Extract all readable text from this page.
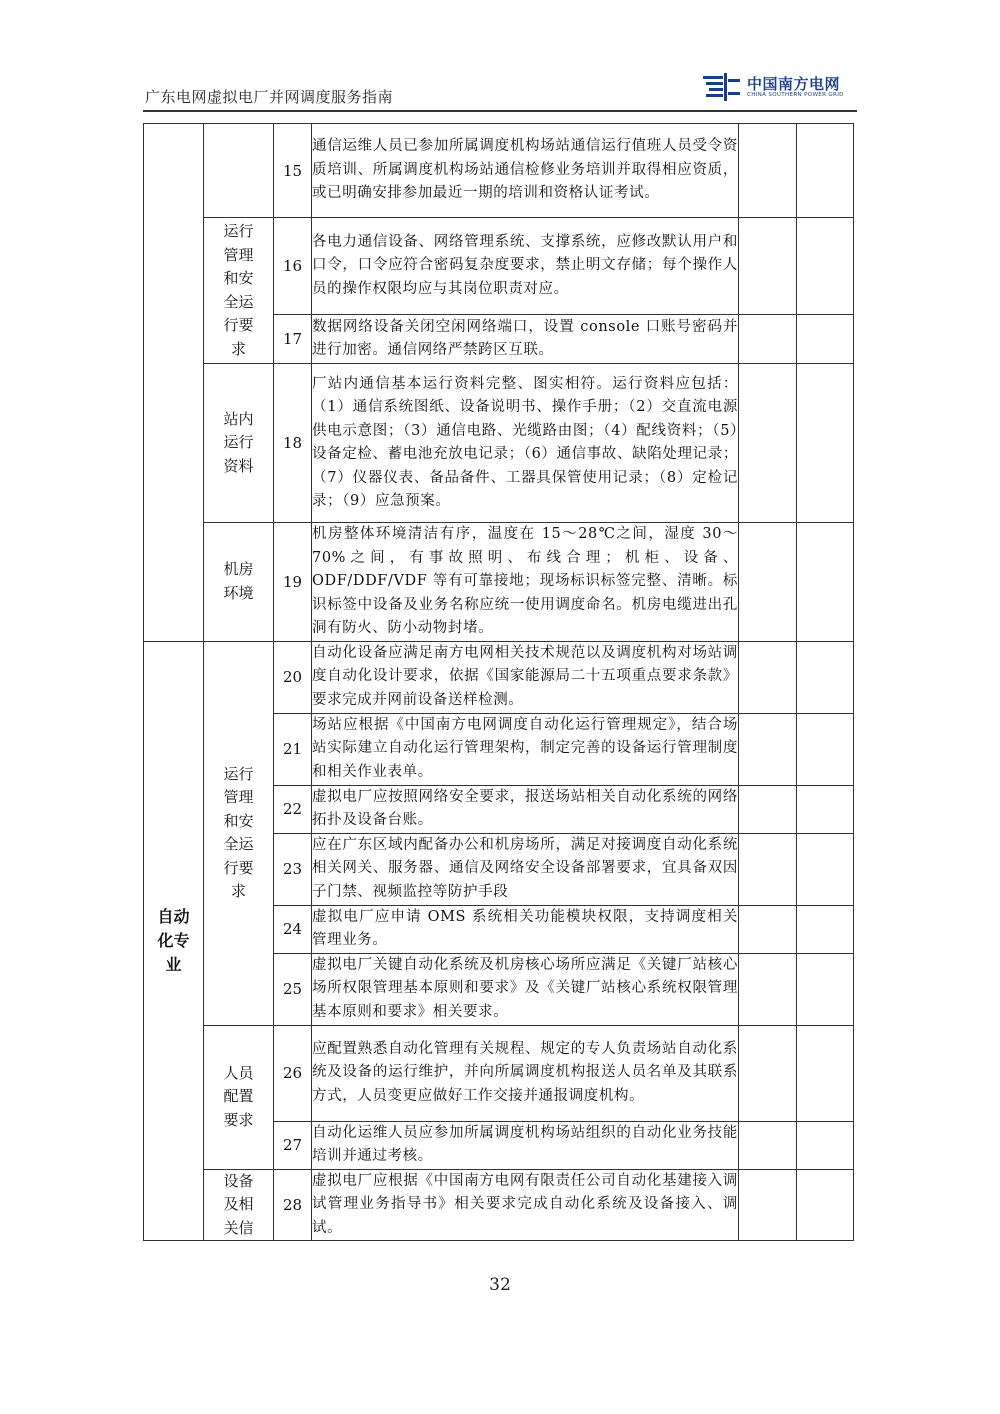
广东电网虚拟电厂并网调度服务指南
中国南方电网
CHINA SOUTHERN POWER GRID
		15	通信运维人员已参加所属调度机构场站通信运行值班人员受令资质培训、所属调度机构场站通信检修业务培训并取得相应资质，或已明确安排参加最近一期的培训和资格认证考试。		
	运行管理和安全运行要求	16	各电力通信设备、网络管理系统、支撑系统，应修改默认用户和口令，口令应符合密码复杂度要求，禁止明文存储；每个操作人员的操作权限均应与其岗位职责对应。		
		17	数据网络设备关闭空闲网络端口，设置 console 口账号密码并进行加密。通信网络严禁跨区互联。		
	站内运行资料	18	厂站内通信基本运行资料完整、图实相符。运行资料应包括：（1）通信系统图纸、设备说明书、操作手册；（2）交直流电源供电示意图；（3）通信电路、光缆路由图；（4）配线资料；（5）设备定检、蓄电池充放电记录；（6）通信事故、缺陷处理记录；（7）仪器仪表、备品备件、工器具保管使用记录；（8）定检记录；（9）应急预案。		
	机房环境	19	机房整体环境清洁有序，温度在 15～28℃之间，湿度 30～70%之间，有事故照明、布线合理；机柜、设备、ODF/DDF/VDF 等有可靠接地；现场标识标签完整、清晰。标识标签中设备及业务名称应统一使用调度命名。机房电缆进出孔洞有防火、防小动物封堵。		
自动化专业	运行管理和安全运行要求	20	自动化设备应满足南方电网相关技术规范以及调度机构对场站调度自动化设计要求，依据《国家能源局二十五项重点要求条款》要求完成并网前设备送样检测。		
		21	场站应根据《中国南方电网调度自动化运行管理规定》，结合场站实际建立自动化运行管理架构，制定完善的设备运行管理制度和相关作业表单。		
		22	虚拟电厂应按照网络安全要求，报送场站相关自动化系统的网络拓扑及设备台账。		
		23	应在广东区域内配备办公和机房场所，满足对接调度自动化系统相关网关、服务器、通信及网络安全设备部署要求，宜具备双因子门禁、视频监控等防护手段		
		24	虚拟电厂应申请 OMS 系统相关功能模块权限，支持调度相关管理业务。		
		25	虚拟电厂关键自动化系统及机房核心场所应满足《关键厂站核心场所权限管理基本原则和要求》及《关键厂站核心系统权限管理基本原则和要求》相关要求。		
	人员配置要求	26	应配置熟悉自动化管理有关规程、规定的专人负责场站自动化系统及设备的运行维护，并向所属调度机构报送人员名单及其联系方式，人员变更应做好工作交接并通报调度机构。		
		27	自动化运维人员应参加所属调度机构场站组织的自动化业务技能培训并通过考核。		
	设备及相关信	28	虚拟电厂应根据《中国南方电网有限责任公司自动化基建接入调试管理业务指导书》相关要求完成自动化系统及设备接入、调试。		
32
